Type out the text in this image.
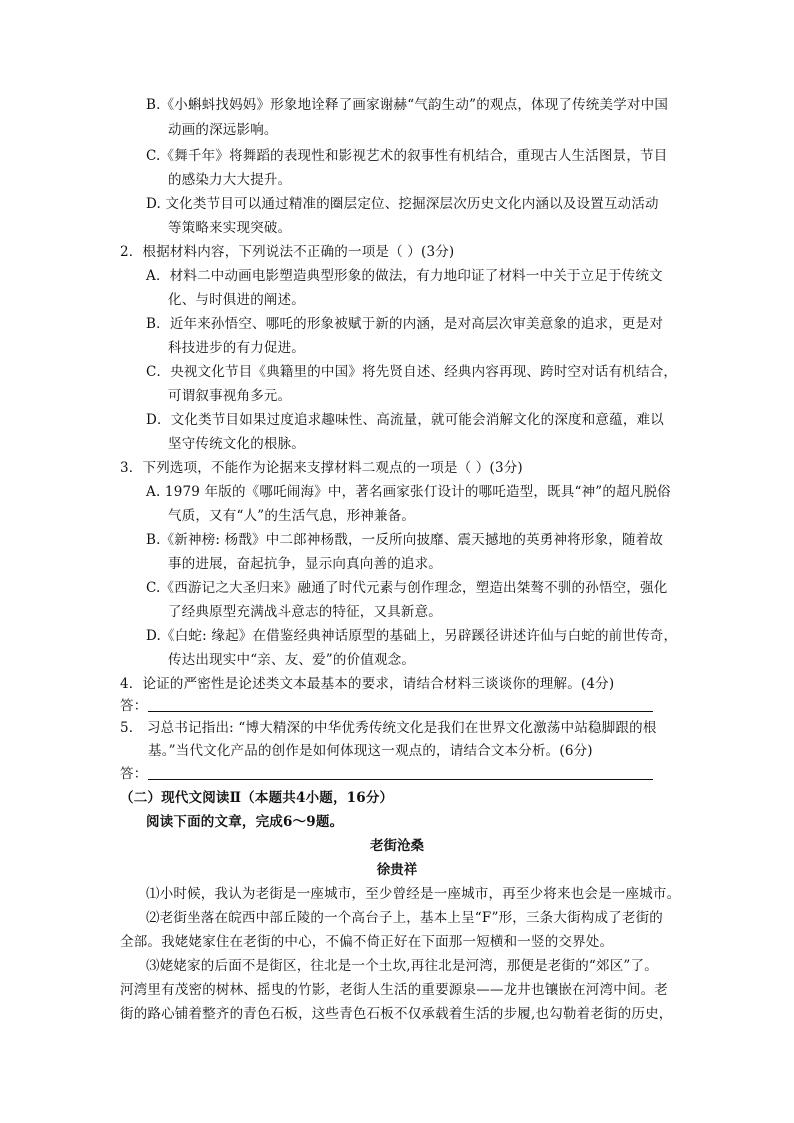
B.《小蝌蚪找妈妈》形象地诠释了画家谢赫“气韵生动”的观点，体现了传统美学对中国
动画的深远影响。
C.《舞千年》将舞蹈的表现性和影视艺术的叙事性有机结合，重现古人生活图景，节目
的感染力大大提升。
D. 文化类节目可以通过精准的圈层定位、挖掘深层次历史文化内涵以及设置互动活动
等策略来实现突破。
2．根据材料内容，下列说法不正确的一项是（ ）(3分)
A．材料二中动画电影塑造典型形象的做法，有力地印证了材料一中关于立足于传统文
化、与时俱进的阐述。
B．近年来孙悟空、哪吒的形象被赋于新的内涵，是对高层次审美意象的追求，更是对
科技进步的有力促进。
C．央视文化节目《典籍里的中国》将先贤自述、经典内容再现、跨时空对话有机结合，
可谓叙事视角多元。
D．文化类节目如果过度追求趣味性、高流量，就可能会消解文化的深度和意蕴，难以
坚守传统文化的根脉。
3．下列选项，不能作为论据来支撑材料二观点的一项是（ ）(3分)
A. 1979 年版的《哪吒闹海》中，著名画家张仃设计的哪吒造型，既具“神”的超凡脱俗
气质，又有“人”的生活气息，形神兼备。
B.《新神榜: 杨戬》中二郎神杨戬，一反所向披靡、震天撼地的英勇神将形象，随着故
事的进展，奋起抗争，显示向真向善的追求。
C.《西游记之大圣归来》融通了时代元素与创作理念，塑造出桀骜不驯的孙悟空，强化
了经典原型充满战斗意志的特征，又具新意。
D.《白蛇: 缘起》在借鉴经典神话原型的基础上，另辟蹊径讲述许仙与白蛇的前世传奇，
传达出现实中“亲、友、爱”的价值观念。
4．论证的严密性是论述类文本最基本的要求，请结合材料三谈谈你的理解。(4分)
答：
5． 习总书记指出: “博大精深的中华优秀传统文化是我们在世界文化激荡中站稳脚跟的根
基。”当代文化产品的创作是如何体现这一观点的，请结合文本分析。(6分)
答：
（二）现代文阅读Ⅱ（本题共4小题，16分）
阅读下面的文章，完成6～9题。
老街沧桑
徐贵祥
⑴小时候，我认为老街是一座城市，至少曾经是一座城市，再至少将来也会是一座城市。
⑵老街坐落在皖西中部丘陵的一个高台子上，基本上呈“F”形，三条大街构成了老街的
全部。我姥姥家住在老街的中心，不偏不倚正好在下面那一短横和一竖的交界处。
⑶姥姥家的后面不是街区，往北是一个土坎,再往北是河湾，那便是老街的“郊区”了。
河湾里有茂密的树林、摇曳的竹影，老街人生活的重要源泉——龙井也镶嵌在河湾中间。老
街的路心铺着整齐的青色石板，这些青色石板不仅承载着生活的步履,也勾勒着老街的历史，
